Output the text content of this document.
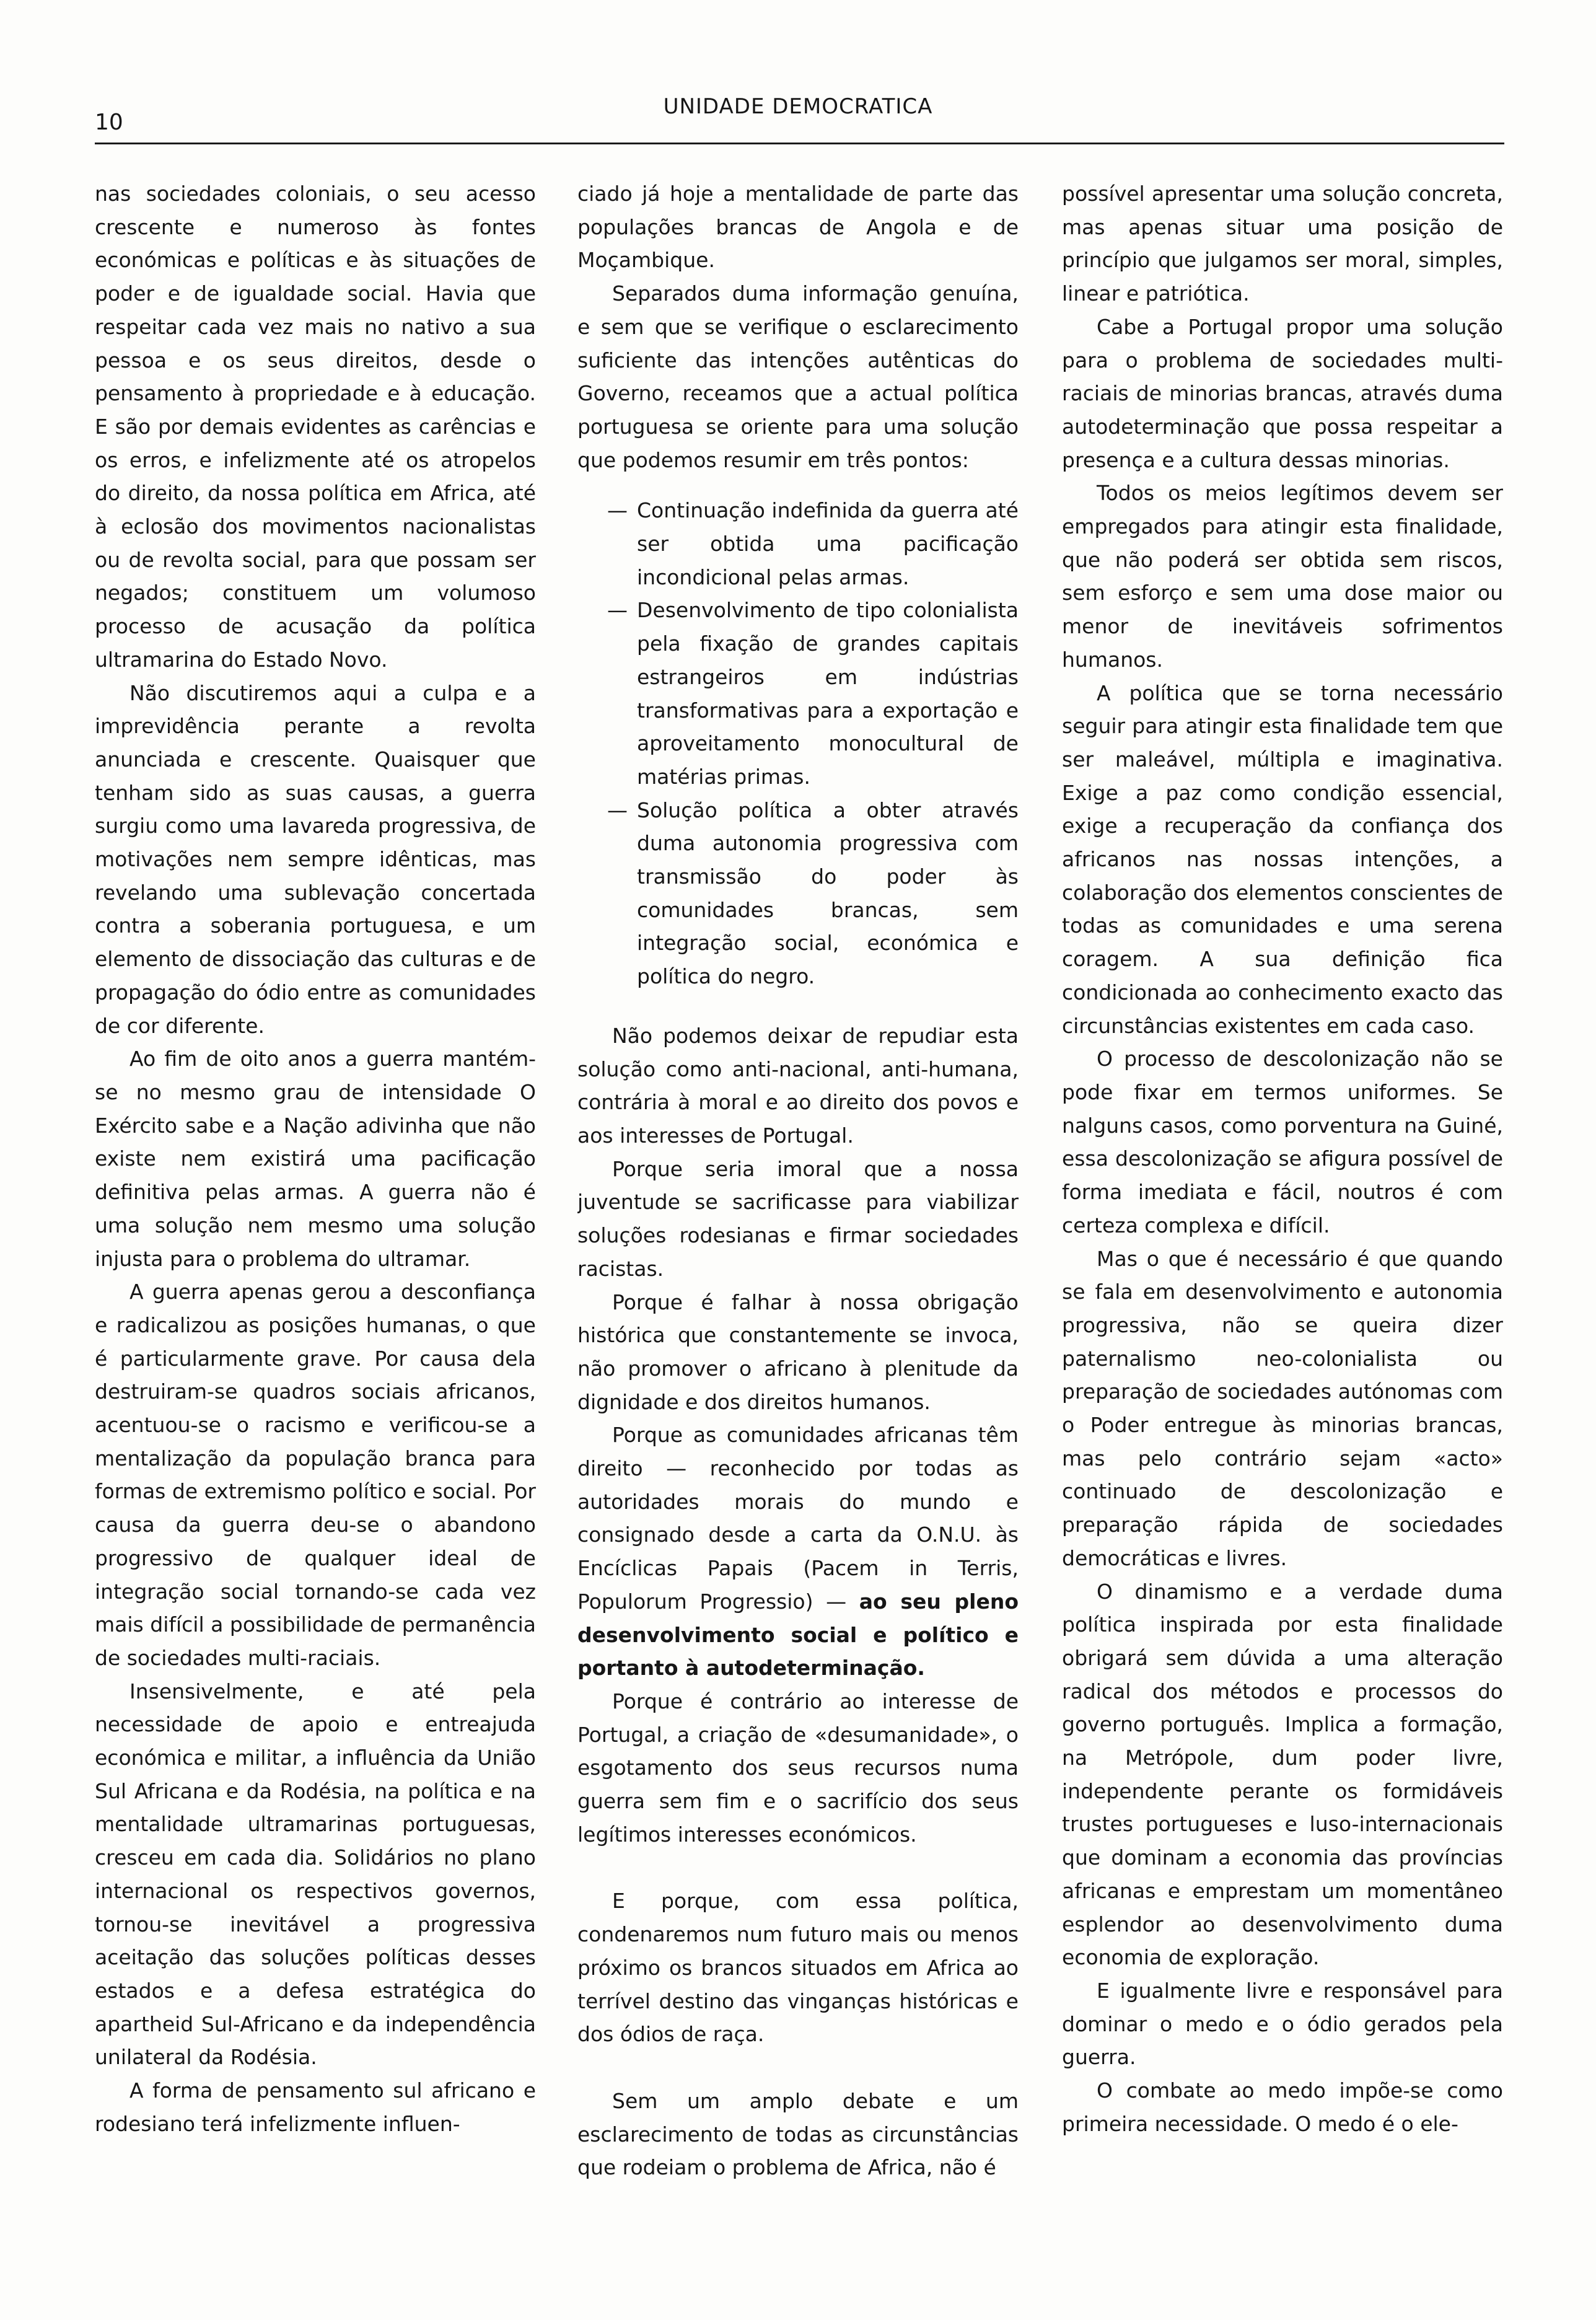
10
UNIDADE DEMOCRATICA

nas sociedades coloniais, o seu acesso crescente e numeroso às fontes económicas e políticas e às situações de poder e de igualdade social. Havia que respeitar cada vez mais no nativo a sua pessoa e os seus direitos, desde o pensamento à propriedade e à educação. E são por demais evidentes as carências e os erros, e infelizmente até os atropelos do direito, da nossa política em Africa, até à eclosão dos movimentos nacionalistas ou de revolta social, para que possam ser negados; constituem um volumoso processo de acusação da política ultramarina do Estado Novo.

Não discutiremos aqui a culpa e a imprevidência perante a revolta anunciada e crescente. Quaisquer que tenham sido as suas causas, a guerra surgiu como uma lavareda progressiva, de motivações nem sempre idênticas, mas revelando uma sublevação concertada contra a soberania portuguesa, e um elemento de dissociação das culturas e de propagação do ódio entre as comunidades de cor diferente.

Ao fim de oito anos a guerra mantém-se no mesmo grau de intensidade O Exército sabe e a Nação adivinha que não existe nem existirá uma pacificação definitiva pelas armas. A guerra não é uma solução nem mesmo uma solução injusta para o problema do ultramar.

A guerra apenas gerou a desconfiança e radicalizou as posições humanas, o que é particularmente grave. Por causa dela destruiram-se quadros sociais africanos, acentuou-se o racismo e verificou-se a mentalização da população branca para formas de extremismo político e social. Por causa da guerra deu-se o abandono progressivo de qualquer ideal de integração social tornando-se cada vez mais difícil a possibilidade de permanência de sociedades multi-raciais.

Insensivelmente, e até pela necessidade de apoio e entreajuda económica e militar, a influência da União Sul Africana e da Rodésia, na política e na mentalidade ultramarinas portuguesas, cresceu em cada dia. Solidários no plano internacional os respectivos governos, tornou-se inevitável a progressiva aceitação das soluções políticas desses estados e a defesa estratégica do apartheid Sul-Africano e da independência unilateral da Rodésia.

A forma de pensamento sul africano e rodesiano terá infelizmente influen-

ciado já hoje a mentalidade de parte das populações brancas de Angola e de Moçambique.

Separados duma informação genuína, e sem que se verifique o esclarecimento suficiente das intenções autênticas do Governo, receamos que a actual política portuguesa se oriente para uma solução que podemos resumir em três pontos:

— Continuação indefinida da guerra até ser obtida uma pacificação incondicional pelas armas.
— Desenvolvimento de tipo colonialista pela fixação de grandes capitais estrangeiros em indústrias transformativas para a exportação e aproveitamento monocultural de matérias primas.
— Solução política a obter através duma autonomia progressiva com transmissão do poder às comunidades brancas, sem integração social, económica e política do negro.

Não podemos deixar de repudiar esta solução como anti-nacional, anti-humana, contrária à moral e ao direito dos povos e aos interesses de Portugal.

Porque seria imoral que a nossa juventude se sacrificasse para viabilizar soluções rodesianas e firmar sociedades racistas.

Porque é falhar à nossa obrigação histórica que constantemente se invoca, não promover o africano à plenitude da dignidade e dos direitos humanos.

Porque as comunidades africanas têm direito — reconhecido por todas as autoridades morais do mundo e consignado desde a carta da O.N.U. às Encíclicas Papais (Pacem in Terris, Populorum Progressio) — ao seu pleno desenvolvimento social e político e portanto à autodeterminação.

Porque é contrário ao interesse de Portugal, a criação de «desumanidade», o esgotamento dos seus recursos numa guerra sem fim e o sacrifício dos seus legítimos interesses económicos.

E porque, com essa política, condenaremos num futuro mais ou menos próximo os brancos situados em Africa ao terrível destino das vinganças históricas e dos ódios de raça.

Sem um amplo debate e um esclarecimento de todas as circunstâncias que rodeiam o problema de Africa, não é

possível apresentar uma solução concreta, mas apenas situar uma posição de princípio que julgamos ser moral, simples, linear e patriótica.

Cabe a Portugal propor uma solução para o problema de sociedades multi-raciais de minorias brancas, através duma autodeterminação que possa respeitar a presença e a cultura dessas minorias.

Todos os meios legítimos devem ser empregados para atingir esta finalidade, que não poderá ser obtida sem riscos, sem esforço e sem uma dose maior ou menor de inevitáveis sofrimentos humanos.

A política que se torna necessário seguir para atingir esta finalidade tem que ser maleável, múltipla e imaginativa. Exige a paz como condição essencial, exige a recuperação da confiança dos africanos nas nossas intenções, a colaboração dos elementos conscientes de todas as comunidades e uma serena coragem. A sua definição fica condicionada ao conhecimento exacto das circunstâncias existentes em cada caso.

O processo de descolonização não se pode fixar em termos uniformes. Se nalguns casos, como porventura na Guiné, essa descolonização se afigura possível de forma imediata e fácil, noutros é com certeza complexa e difícil.

Mas o que é necessário é que quando se fala em desenvolvimento e autonomia progressiva, não se queira dizer paternalismo neo-colonialista ou preparação de sociedades autónomas com o Poder entregue às minorias brancas, mas pelo contrário sejam «acto» continuado de descolonização e preparação rápida de sociedades democráticas e livres.

O dinamismo e a verdade duma política inspirada por esta finalidade obrigará sem dúvida a uma alteração radical dos métodos e processos do governo português. Implica a formação, na Metrópole, dum poder livre, independente perante os formidáveis trustes portugueses e luso-internacionais que dominam a economia das províncias africanas e emprestam um momentâneo esplendor ao desenvolvimento duma economia de exploração.

E igualmente livre e responsável para dominar o medo e o ódio gerados pela guerra.

O combate ao medo impõe-se como primeira necessidade. O medo é o ele-
